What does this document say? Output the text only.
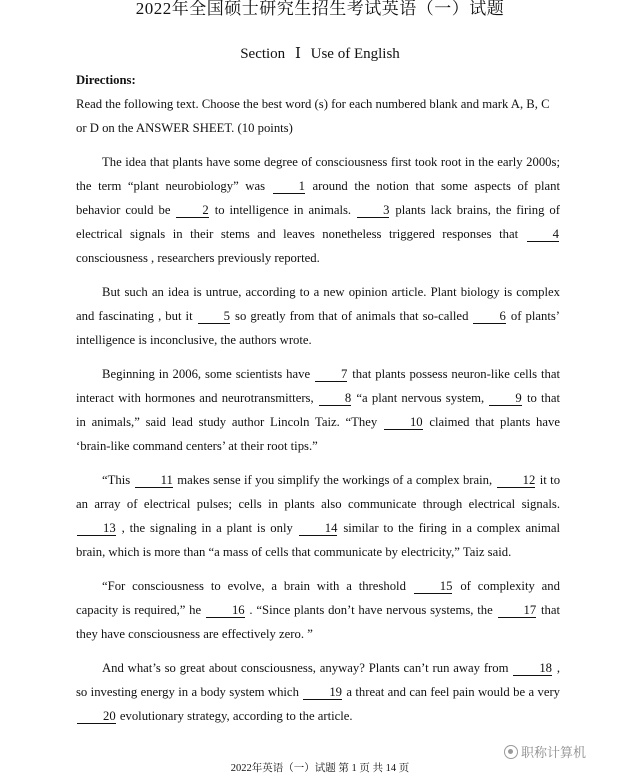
2022年全国硕士研究生招生考试英语（一）试题
Section Ⅰ Use of English

Directions:

Read the following text. Choose the best word (s) for each numbered blank and mark A, B, C or D on the ANSWER SHEET. (10 points)

The idea that plants have some degree of consciousness first took root in the early 2000s; the term “plant neurobiology” was	1 around the notion that some aspects of plant behavior could be	2 to intelligence in animals.	3 plants lack brains, the firing of electrical signals in their stems and leaves nonetheless triggered responses that	4 consciousness , researchers previously reported.

But such an idea is untrue, according to a new opinion article. Plant biology is complex and fascinating , but it 5 so greatly from that of animals that so-called 6 of plants’ intelligence is inconclusive, the authors wrote.

Beginning in 2006, some scientists have 7 that plants possess neuron-like cells that interact with hormones and neurotransmitters, 8 “a plant nervous system, 9 to that in animals,” said lead study author Lincoln Taiz. “They	10 claimed that plants have ‘brain-like command centers’ at their root tips.”

“This 11 makes sense if you simplify the workings of a complex brain, 12 it to an array of electrical pulses; cells in plants also communicate through electrical signals. 13 , the signaling in a plant is only	14 similar to the firing in a complex animal brain, which is more than “a mass of cells that communicate by electricity,” Taiz said.

“For consciousness to evolve, a brain with a threshold	15 of complexity and capacity is required,” he 16 . “Since plants don’t have nervous systems, the 17 that they have consciousness are effectively zero. ”

And what’s so great about consciousness, anyway? Plants can’t run away from 18 , so investing energy in a body system which 19 a threat and can feel pain would be a very 20 evolutionary strategy, according to the article.

2022年英语（一）试题 第 1 页 共 14 页
职称计算机
